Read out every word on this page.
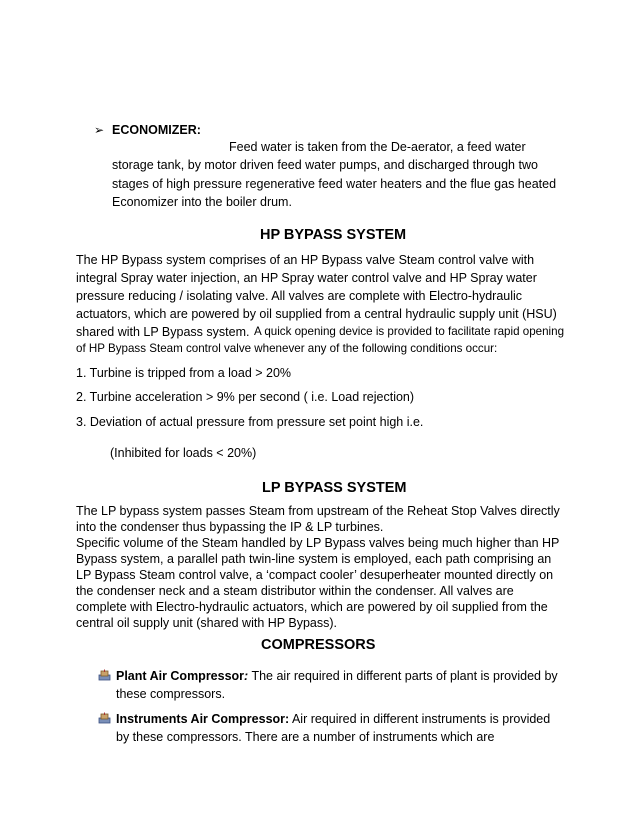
➢ ECONOMIZER:
Feed water is taken from the De-aerator, a feed water
storage tank, by motor driven feed water pumps, and discharged through two
stages of high pressure regenerative feed water heaters and the flue gas heated
Economizer into the boiler drum.
HP BYPASS SYSTEM
The HP Bypass system comprises of an HP Bypass valve Steam control valve with
integral Spray water injection, an HP Spray water control valve and HP Spray water
pressure reducing / isolating valve. All valves are complete with Electro-hydraulic
actuators, which are powered by oil supplied from a central hydraulic supply unit (HSU)
shared with LP Bypass system. A quick opening device is provided to facilitate rapid opening
of HP Bypass Steam control valve whenever any of the following conditions occur:
1. Turbine is tripped from a load > 20%
2. Turbine acceleration > 9% per second ( i.e. Load rejection)
3. Deviation of actual pressure from pressure set point high i.e.
(Inhibited for loads < 20%)
LP BYPASS SYSTEM
The LP bypass system passes Steam from upstream of the Reheat Stop Valves directly
into the condenser thus bypassing the IP & LP turbines.
Specific volume of the Steam handled by LP Bypass valves being much higher than HP
Bypass system, a parallel path twin-line system is employed, each path comprising an
LP Bypass Steam control valve, a ‘compact cooler’ desuperheater mounted directly on
the condenser neck and a steam distributor within the condenser. All valves are
complete with Electro-hydraulic actuators, which are powered by oil supplied from the
central oil supply unit (shared with HP Bypass).
COMPRESSORS
Plant Air Compressor: The air required in different parts of plant is provided by
these compressors.
Instruments Air Compressor: Air required in different instruments is provided
by these compressors. There are a number of instruments which are
